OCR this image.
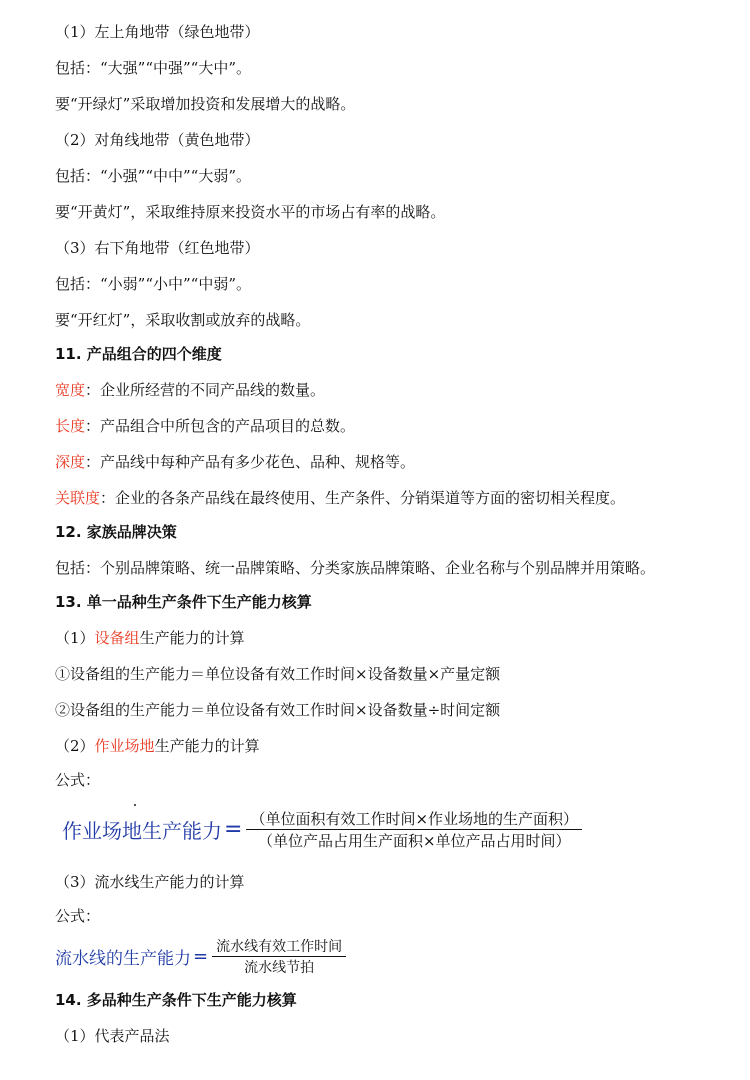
（1）左上角地带（绿色地带）
包括：“大强”“中强”“大中”。
要“开绿灯”采取增加投资和发展增大的战略。
（2）对角线地带（黄色地带）
包括：“小强”“中中”“大弱”。
要“开黄灯”，采取维持原来投资水平的市场占有率的战略。
（3）右下角地带（红色地带）
包括：“小弱”“小中”“中弱”。
要“开红灯”，采取收割或放弃的战略。
11. 产品组合的四个维度
宽度：企业所经营的不同产品线的数量。
长度：产品组合中所包含的产品项目的总数。
深度：产品线中每种产品有多少花色、品种、规格等。
关联度：企业的各条产品线在最终使用、生产条件、分销渠道等方面的密切相关程度。
12. 家族品牌决策
包括：个别品牌策略、统一品牌策略、分类家族品牌策略、企业名称与个别品牌并用策略。
13. 单一品种生产条件下生产能力核算
（1）设备组生产能力的计算
①设备组的生产能力＝单位设备有效工作时间×设备数量×产量定额
②设备组的生产能力＝单位设备有效工作时间×设备数量÷时间定额
（2）作业场地生产能力的计算
公式：
作业场地生产能力 = $\frac{\text{（单位面积有效工作时间×作业场地的生产面积）}}{\text{（单位产品占用生产面积×单位产品占用时间）}}$
（3）流水线生产能力的计算
公式：
流水线的生产能力 = $\frac{\text{流水线有效工作时间}}{\text{流水线节拍}}$
14. 多品种生产条件下生产能力核算
（1）代表产品法
